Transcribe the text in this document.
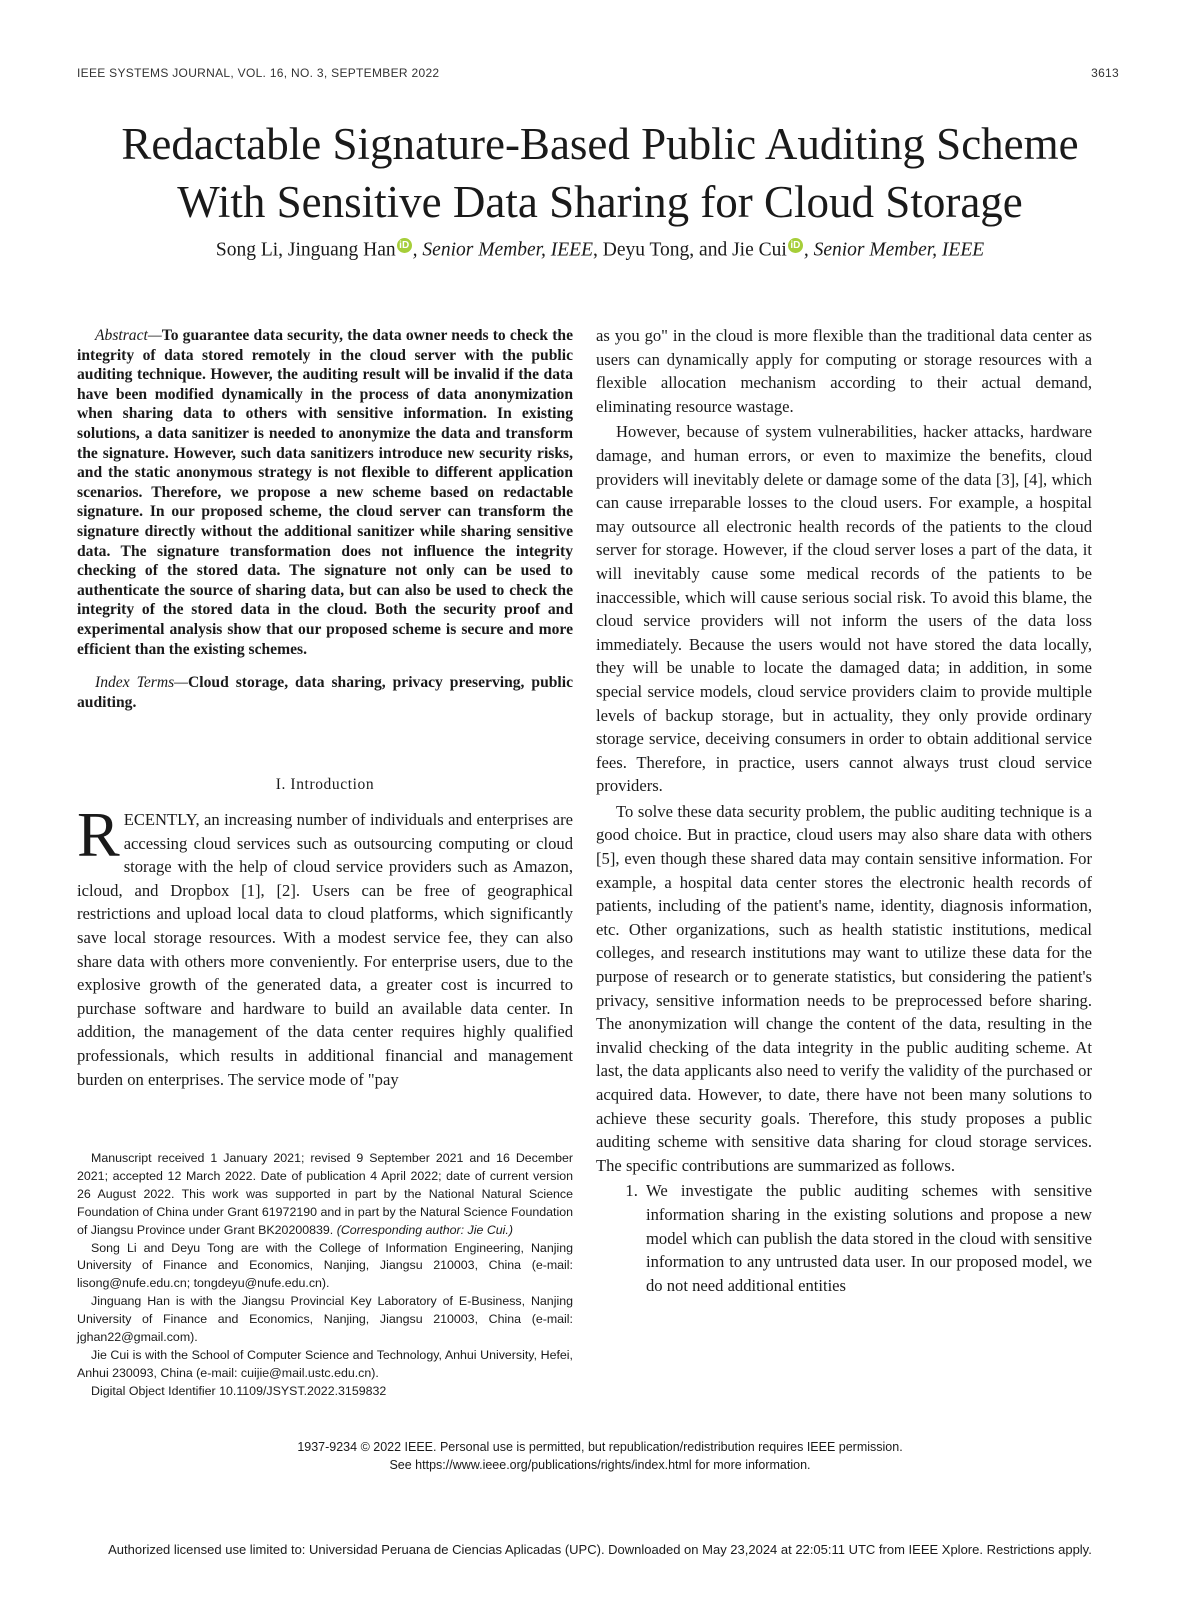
IEEE SYSTEMS JOURNAL, VOL. 16, NO. 3, SEPTEMBER 2022	3613
Redactable Signature-Based Public Auditing Scheme
With Sensitive Data Sharing for Cloud Storage
Song Li, Jinguang Han iD , Senior Member, IEEE, Deyu Tong, and Jie Cui iD , Senior Member, IEEE

Abstract—To guarantee data security, the data owner needs to check the integrity of data stored remotely in the cloud server with the public auditing technique. However, the auditing result will be invalid if the data have been modified dynamically in the process of data anonymization when sharing data to others with sensitive information. In existing solutions, a data sanitizer is needed to anonymize the data and transform the signature. However, such data sanitizers introduce new security risks, and the static anonymous strategy is not flexible to different application scenarios. Therefore, we propose a new scheme based on redactable signature. In our proposed scheme, the cloud server can transform the signature directly without the additional sanitizer while sharing sensitive data. The signature transformation does not influence the integrity checking of the stored data. The signature not only can be used to authenticate the source of sharing data, but can also be used to check the integrity of the stored data in the cloud. Both the security proof and experimental analysis show that our proposed scheme is secure and more efficient than the existing schemes.

Index Terms—Cloud storage, data sharing, privacy preserving, public auditing.

I. Introduction

RECENTLY, an increasing number of individuals and enterprises are accessing cloud services such as outsourcing computing or cloud storage with the help of cloud service providers such as Amazon, icloud, and Dropbox [1], [2]. Users can be free of geographical restrictions and upload local data to cloud platforms, which significantly save local storage resources. With a modest service fee, they can also share data with others more conveniently. For enterprise users, due to the explosive growth of the generated data, a greater cost is incurred to purchase software and hardware to build an available data center. In addition, the management of the data center requires highly qualified professionals, which results in additional financial and management burden on enterprises. The service mode of "pay

Manuscript received 1 January 2021; revised 9 September 2021 and 16 December 2021; accepted 12 March 2022. Date of publication 4 April 2022; date of current version 26 August 2022. This work was supported in part by the National Natural Science Foundation of China under Grant 61972190 and in part by the Natural Science Foundation of Jiangsu Province under Grant BK20200839. (Corresponding author: Jie Cui.)

Song Li and Deyu Tong are with the College of Information Engineering, Nanjing University of Finance and Economics, Nanjing, Jiangsu 210003, China (e-mail: lisong@nufe.edu.cn; tongdeyu@nufe.edu.cn).

Jinguang Han is with the Jiangsu Provincial Key Laboratory of E-Business, Nanjing University of Finance and Economics, Nanjing, Jiangsu 210003, China (e-mail: jghan22@gmail.com).

Jie Cui is with the School of Computer Science and Technology, Anhui University, Hefei, Anhui 230093, China (e-mail: cuijie@mail.ustc.edu.cn).

Digital Object Identifier 10.1109/JSYST.2022.3159832

as you go" in the cloud is more flexible than the traditional data center as users can dynamically apply for computing or storage resources with a flexible allocation mechanism according to their actual demand, eliminating resource wastage.

However, because of system vulnerabilities, hacker attacks, hardware damage, and human errors, or even to maximize the benefits, cloud providers will inevitably delete or damage some of the data [3], [4], which can cause irreparable losses to the cloud users. For example, a hospital may outsource all electronic health records of the patients to the cloud server for storage. However, if the cloud server loses a part of the data, it will inevitably cause some medical records of the patients to be inaccessible, which will cause serious social risk. To avoid this blame, the cloud service providers will not inform the users of the data loss immediately. Because the users would not have stored the data locally, they will be unable to locate the damaged data; in addition, in some special service models, cloud service providers claim to provide multiple levels of backup storage, but in actuality, they only provide ordinary storage service, deceiving consumers in order to obtain additional service fees. Therefore, in practice, users cannot always trust cloud service providers.

To solve these data security problem, the public auditing technique is a good choice. But in practice, cloud users may also share data with others [5], even though these shared data may contain sensitive information. For example, a hospital data center stores the electronic health records of patients, including of the patient's name, identity, diagnosis information, etc. Other organizations, such as health statistic institutions, medical colleges, and research institutions may want to utilize these data for the purpose of research or to generate statistics, but considering the patient's privacy, sensitive information needs to be preprocessed before sharing. The anonymization will change the content of the data, resulting in the invalid checking of the data integrity in the public auditing scheme. At last, the data applicants also need to verify the validity of the purchased or acquired data. However, to date, there have not been many solutions to achieve these security goals. Therefore, this study proposes a public auditing scheme with sensitive data sharing for cloud storage services. The specific contributions are summarized as follows.

1. We investigate the public auditing schemes with sensitive information sharing in the existing solutions and propose a new model which can publish the data stored in the cloud with sensitive information to any untrusted data user. In our proposed model, we do not need additional entities
1937-9234 © 2022 IEEE. Personal use is permitted, but republication/redistribution requires IEEE permission.
See https://www.ieee.org/publications/rights/index.html for more information.
Authorized licensed use limited to: Universidad Peruana de Ciencias Aplicadas (UPC). Downloaded on May 23,2024 at 22:05:11 UTC from IEEE Xplore. Restrictions apply.
